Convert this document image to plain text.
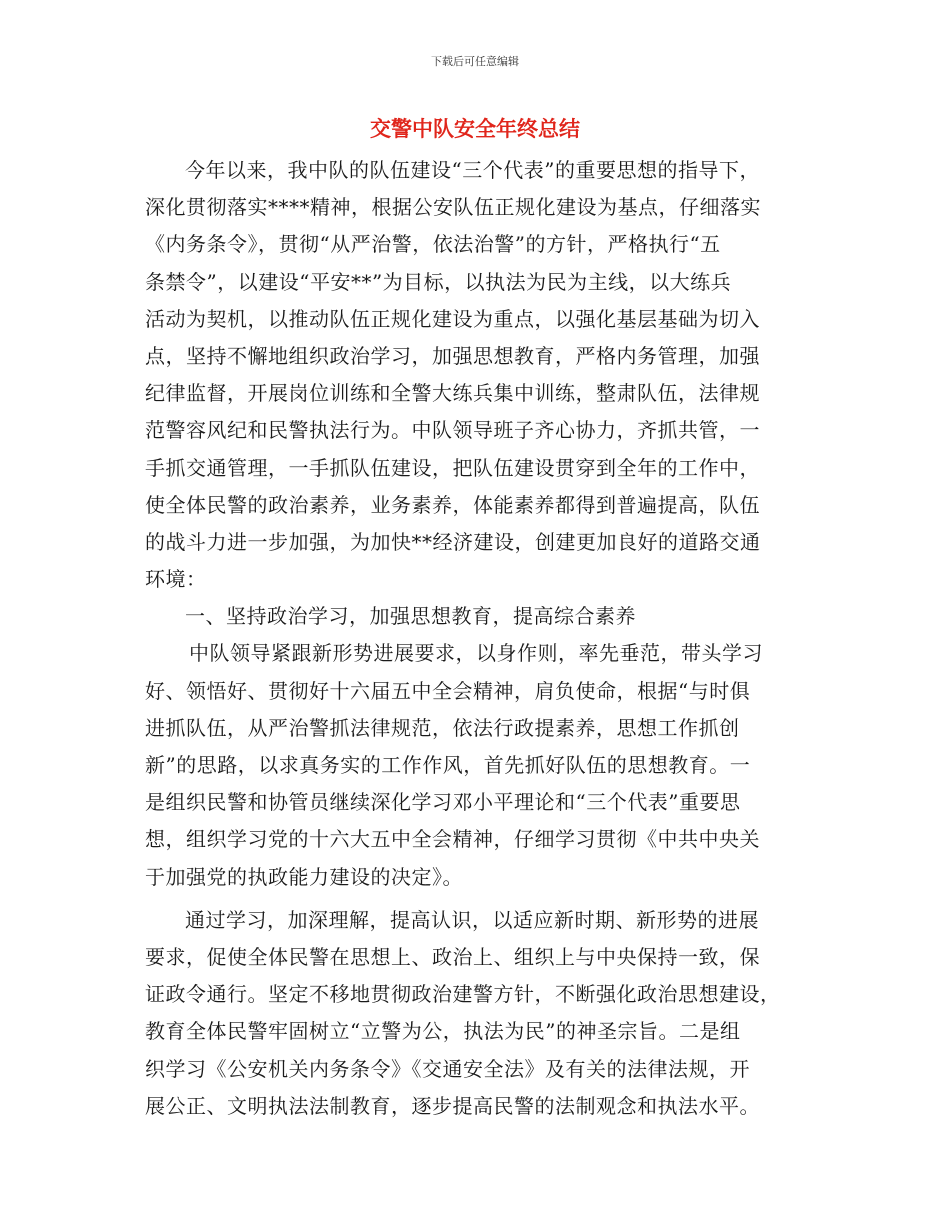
下载后可任意编辑
交警中队安全年终总结
今年以来，我中队的队伍建设“三个代表”的重要思想的指导下，
深化贯彻落实****精神，根据公安队伍正规化建设为基点，仔细落实
《内务条令》，贯彻“从严治警，依法治警”的方针，严格执行“五
条禁令”，以建设“平安**”为目标，以执法为民为主线，以大练兵
活动为契机，以推动队伍正规化建设为重点，以强化基层基础为切入
点，坚持不懈地组织政治学习，加强思想教育，严格内务管理，加强
纪律监督，开展岗位训练和全警大练兵集中训练，整肃队伍，法律规
范警容风纪和民警执法行为。中队领导班子齐心协力，齐抓共管，一
手抓交通管理，一手抓队伍建设，把队伍建设贯穿到全年的工作中，
使全体民警的政治素养，业务素养，体能素养都得到普遍提高，队伍
的战斗力进一步加强，为加快**经济建设，创建更加良好的道路交通
环境：
一、坚持政治学习，加强思想教育，提高综合素养
中队领导紧跟新形势进展要求，以身作则，率先垂范，带头学习
好、领悟好、贯彻好十六届五中全会精神，肩负使命，根据“与时俱
进抓队伍，从严治警抓法律规范，依法行政提素养，思想工作抓创
新”的思路，以求真务实的工作作风，首先抓好队伍的思想教育。一
是组织民警和协管员继续深化学习邓小平理论和“三个代表”重要思
想，组织学习党的十六大五中全会精神，仔细学习贯彻《中共中央关
于加强党的执政能力建设的决定》。
通过学习，加深理解，提高认识，以适应新时期、新形势的进展
要求，促使全体民警在思想上、政治上、组织上与中央保持一致，保
证政令通行。坚定不移地贯彻政治建警方针，不断强化政治思想建设，
教育全体民警牢固树立“立警为公，执法为民”的神圣宗旨。二是组
织学习《公安机关内务条令》《交通安全法》及有关的法律法规，开
展公正、文明执法法制教育，逐步提高民警的法制观念和执法水平。
